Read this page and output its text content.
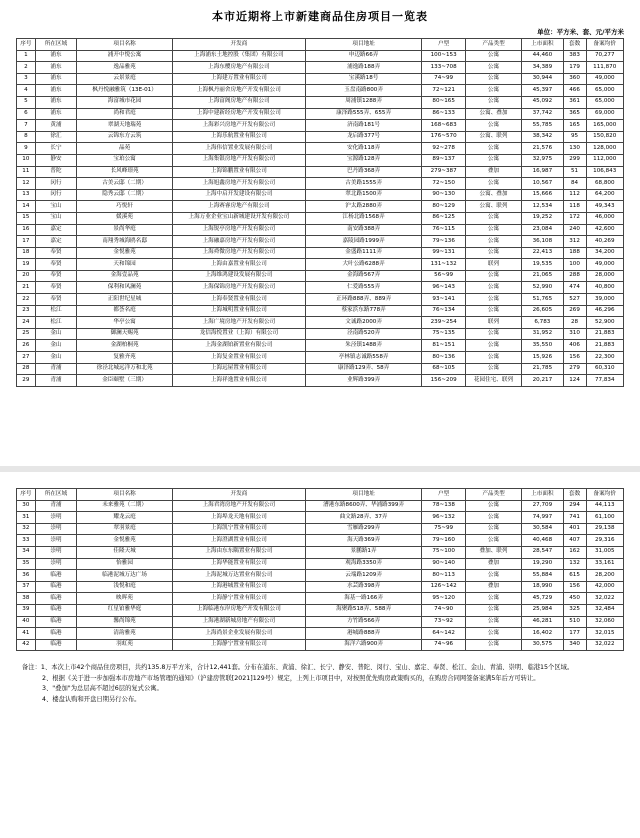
本市近期将上市新建商品住房项目一览表
单位：平方米、套、元/平方米
序号	所在区域	项目名称	开发商	项目地址	户型	产品类型	上市面积	套数	备案均价
1	浦东	浦开中悦公寓	上海浦东土地控股（集团）有限公司	申迈路66弄	100~153	公寓	44,460	383	70,277
2	浦东	逸品雅苑	上海东樱房地产有限公司	浦逸路188弄	133~708	公寓	34,389	179	111,870
3	浦东	云景景庭	上海建万置业有限公司	宝溪路18号	74~99	公寓	30,944	360	49,000
4	浦东	枫丹悦融雅筑（13E-01）	上海枫丹丽舍房地产开发有限公司	玉盘南路800弄	72~121	公寓	45,397	466	65,000
5	浦东	海富城市花园	上海富阁房地产有限公司	周浦镇1288弄	80~165	公寓	45,092	361	65,000
6	浦东	尚和君庭	上海中建新经房地产开发有限公司	康泽路555弄、655弄	86~133	公寓、叠加	37,742	365	69,000
7	黄浦	翠湖天地瑞苑	上海彩兴房地产开发有限公司	济南路181号	168~683	公寓	55,785	165	165,000
8	徐汇	云锦东方云筑	上海乐航置业有限公司	龙启路377号	176~570	公寓、联列	38,342	95	150,820
9	长宁	晶苑	上海伟信置业发展有限公司	安化路118弄	92~278	公寓	21,576	130	128,000
10	静安	宝珀公寓	上海集银房地产开发有限公司	宝源路128弄	89~137	公寓	32,975	299	112,000
11	普陀	长风峰璟苑	上海锦鹏置业有限公司	巴丹路368弄	279~387	叠加	16,987	51	106,843
12	闵行	古美云邸（二期）	上海旭鑫房地产开发有限公司	古美路1555弄	72~150	公寓	10,567	84	68,800
13	闵行	隐秀云邸（二期）	上海中启开发建设有限公司	翠北路1500弄	90~130	公寓、叠加	15,666	112	64,200
14	宝山	巧悦轩	上海赛睿房地产有限公司	沪太路2880弄	80~129	公寓、联列	12,534	118	49,343
15	宝山	媛溪苑	上海万业企业宝山新城建设开发有限公司	江杨北路1568弄	86~125	公寓	19,252	172	46,000
16	嘉定	景尚华庭	上海锐亭房地产开发有限公司	南安路388弄	76~115	公寓	23,084	240	42,600
17	嘉定	南翔秀城海鸥名邸	上海融嘉房地产开发有限公司	嘉陵园路1999弄	79~136	公寓	36,108	312	40,269
18	奉贤	金悦雅苑	上海舜微房地产开发有限公司	金盛路1111弄	99~131	公寓	22,413	188	34,200
19	奉贤	天和锦园	上海由嘉置业有限公司	大叶公路6288弄	131~132	联列	19,535	100	49,000
20	奉贤	金海壹品苑	上海维鸿建设发展有限公司	金海路567弄	56~99	公寓	21,065	288	28,000
21	奉贤	保利和风澜苑	上海保锦房地产开发有限公司	仁爱路555弄	96~143	公寓	52,990	474	40,800
22	奉贤	正阳世纪星城	上海奉贤置业有限公司	正环路888弄、889弄	93~141	公寓	51,765	527	39,000
23	松江	都荟名庭	上海城明置业有限公司	蔡家浜东路778弄	76~134	公寓	26,605	269	46,296
24	松江	华亭公寓	上海广境房地产开发有限公司	文诚路2000弄	239~254	联列	6,783	28	52,900
25	金山	御澜天赐苑	龙信海悦置业（上海）有限公司	泾南路520弄	75~135	公寓	31,952	310	21,883
26	金山	金湖柏桐苑	上海金湖铂新置业有限公司	朱泾镇1488弄	81~151	公寓	35,550	406	21,883
27	金山	复雅齐苑	上海复金置业有限公司	亭林镇志诚路558弄	80~136	公寓	15,926	156	22,300
28	青浦	徐泾北城远洋万和北苑	上海远屋置业有限公司	康泽路129弄、58弄	68~105	公寓	21,785	279	60,310
29	青浦	金臣颐墅（三期）	上海祥逸置业有限公司	业辉路399弄	156~209	花园住宅、联列	20,217	124	77,834
序号	所在区域	项目名称	开发商	项目地址	户型	产品类型	上市面积	套数	备案均价
30	青浦	未来雅苑（二期）	上海君湾房地产开发有限公司	漕港东路8600弄、华浦路399弄	78~138	公寓	27,709	294	44,113
31	崇明	耀龙云庭	上海埠龙天地有限公司	曲文路28弄、37弄	96~132	公寓	74,997	741	61,100
32	崇明	翠羽景庭	上海凯宁置业有限公司	雪雁路299弄	75~99	公寓	30,584	401	29,138
33	崇明	金悦雅苑	上海澄湖置业有限公司	海天路369弄	79~160	公寓	40,468	407	29,316
34	崇明	佳隆天城	上海由东东隅置业有限公司	景鹏路1弄	75~100	叠加、联列	28,547	162	31,005
35	崇明	怡雅园	上海华能置业有限公司	观海路3350弄	90~140	叠加	19,290	132	33,161
36	临港	临港泥城万达广场	上海泥城万达置业有限公司	云端路1209弄	80~113	公寓	55,884	615	28,200
37	临港	浅悦和庭	上海港城置业有限公司	水芸路398弄	126~142	叠加	18,990	156	42,000
38	临港	映晖苑	上海静宁置业有限公司	海基一路166弄	95~120	公寓	45,729	450	32,022
39	临港	红星铂雅华庭	上海临港东岸房地产开发有限公司	海聚路518弄、588弄	74~90	公寓	25,984	325	32,484
40	临港	馨尚锦苑	上海港湖新城房地产有限公司	方竹路566弄	73~92	公寓	46,281	510	32,060
41	临港	清韵雅苑	上海尚景企业发展有限公司	港城路888弄	64~142	公寓	16,402	177	32,015
42	临港	羽虹苑	上海静宁置业有限公司	海洋六路900弄	74~96	公寓	30,575	340	32,022

备注：1、本次上市42个商品住房项目，共约135.8万平方米，合计12,441套。分布在浦东、黄浦、徐汇、长宁、静安、普陀、闵行、宝山、嘉定、奉贤、松江、金山、青浦、崇明、临港15个区域。

2、根据《关于进一步加强本市房地产市场管理的通知》（沪建房管联[2021]129号）规定，上列上市项目中，对按照优先购房政策购买的，在购房合同网签备案满5年后方可转让。

3、"叠加"为总层高不超过6层的复式公寓。

4、楼盘认购和开盘日期另行公布。
